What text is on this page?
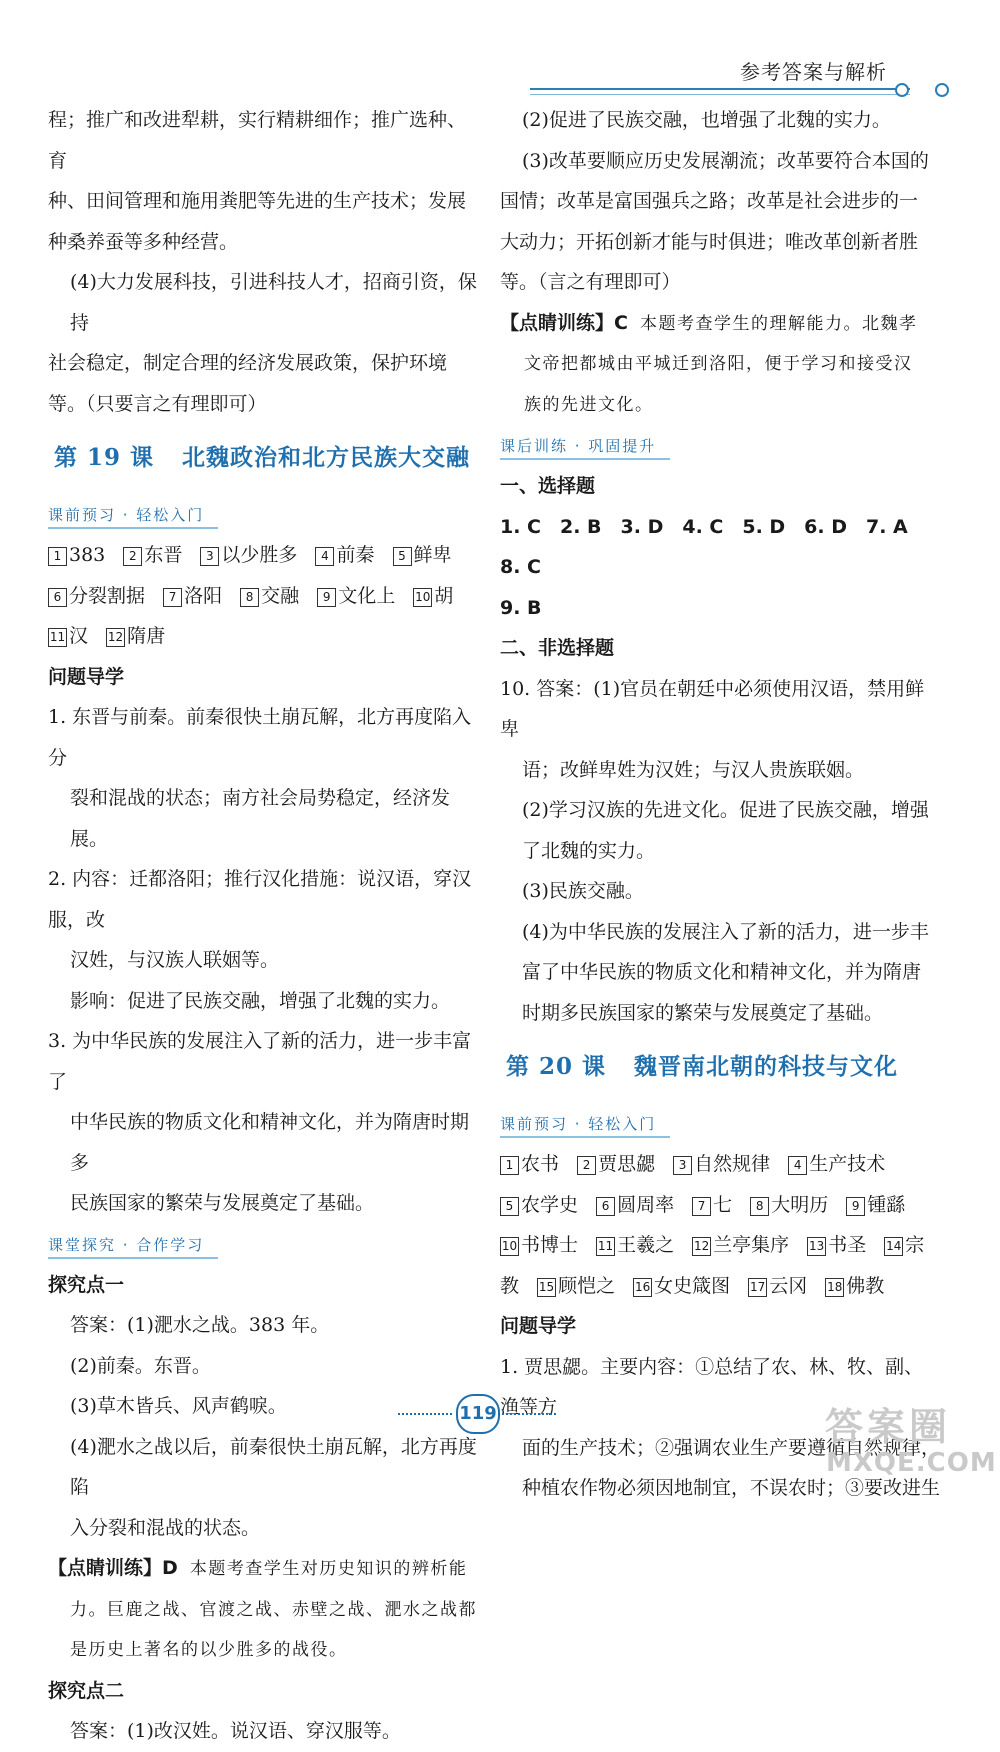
参考答案与解析

程；推广和改进犁耕，实行精耕细作；推广选种、育

种、田间管理和施用粪肥等先进的生产技术；发展

种桑养蚕等多种经营。

(4)大力发展科技，引进科技人才，招商引资，保持

社会稳定，制定合理的经济发展政策，保护环境

等。（只要言之有理即可）

第 19 课 北魏政治和北方民族大交融
课前预习 · 轻松入门
1 383 2 东晋 3 以少胜多 4 前秦 5 鲜卑
6 分裂割据 7 洛阳 8 交融 9 文化上 10 胡
11 汉 12 隋唐

问题导学

1. 东晋与前秦。前秦很快土崩瓦解，北方再度陷入分

裂和混战的状态；南方社会局势稳定，经济发展。

2. 内容：迁都洛阳；推行汉化措施：说汉语，穿汉服，改

汉姓，与汉族人联姻等。

影响：促进了民族交融，增强了北魏的实力。

3. 为中华民族的发展注入了新的活力，进一步丰富了

中华民族的物质文化和精神文化，并为隋唐时期多

民族国家的繁荣与发展奠定了基础。

课堂探究 · 合作学习

探究点一

答案：(1)淝水之战。383 年。

(2)前秦。东晋。

(3)草木皆兵、风声鹤唳。

(4)淝水之战以后，前秦很快土崩瓦解，北方再度陷

入分裂和混战的状态。

【点睛训练】D 本题考查学生对历史知识的辨析能

力。巨鹿之战、官渡之战、赤壁之战、淝水之战都

是历史上著名的以少胜多的战役。

探究点二

答案：(1)改汉姓。说汉语、穿汉服等。

(2)促进了民族交融，也增强了北魏的实力。

(3)改革要顺应历史发展潮流；改革要符合本国的

国情；改革是富国强兵之路；改革是社会进步的一

大动力；开拓创新才能与时俱进；唯改革创新者胜

等。（言之有理即可）

【点睛训练】C 本题考查学生的理解能力。北魏孝

文帝把都城由平城迁到洛阳，便于学习和接受汉

族的先进文化。

课后训练 · 巩固提升

一、选择题

1. C　2. B　3. D　4. C　5. D　6. D　7. A　8. C

9. B

二、非选择题

10. 答案：(1)官员在朝廷中必须使用汉语，禁用鲜卑

语；改鲜卑姓为汉姓；与汉人贵族联姻。

(2)学习汉族的先进文化。促进了民族交融，增强

了北魏的实力。

(3)民族交融。

(4)为中华民族的发展注入了新的活力，进一步丰

富了中华民族的物质文化和精神文化，并为隋唐

时期多民族国家的繁荣与发展奠定了基础。

第 20 课 魏晋南北朝的科技与文化
课前预习 · 轻松入门
1 农书 2 贾思勰 3 自然规律 4 生产技术
5 农学史 6 圆周率 7 七 8 大明历 9 锺繇
10 书博士 11 王羲之 12 兰亭集序 13 书圣 14 宗
教 15 顾恺之 16 女史箴图 17 云冈 18 佛教

问题导学

1. 贾思勰。主要内容：①总结了农、林、牧、副、渔等方

面的生产技术；②强调农业生产要遵循自然规律，

种植农作物必须因地制宜，不误农时；③要改进生

119	答案圈
MXQE.COM
